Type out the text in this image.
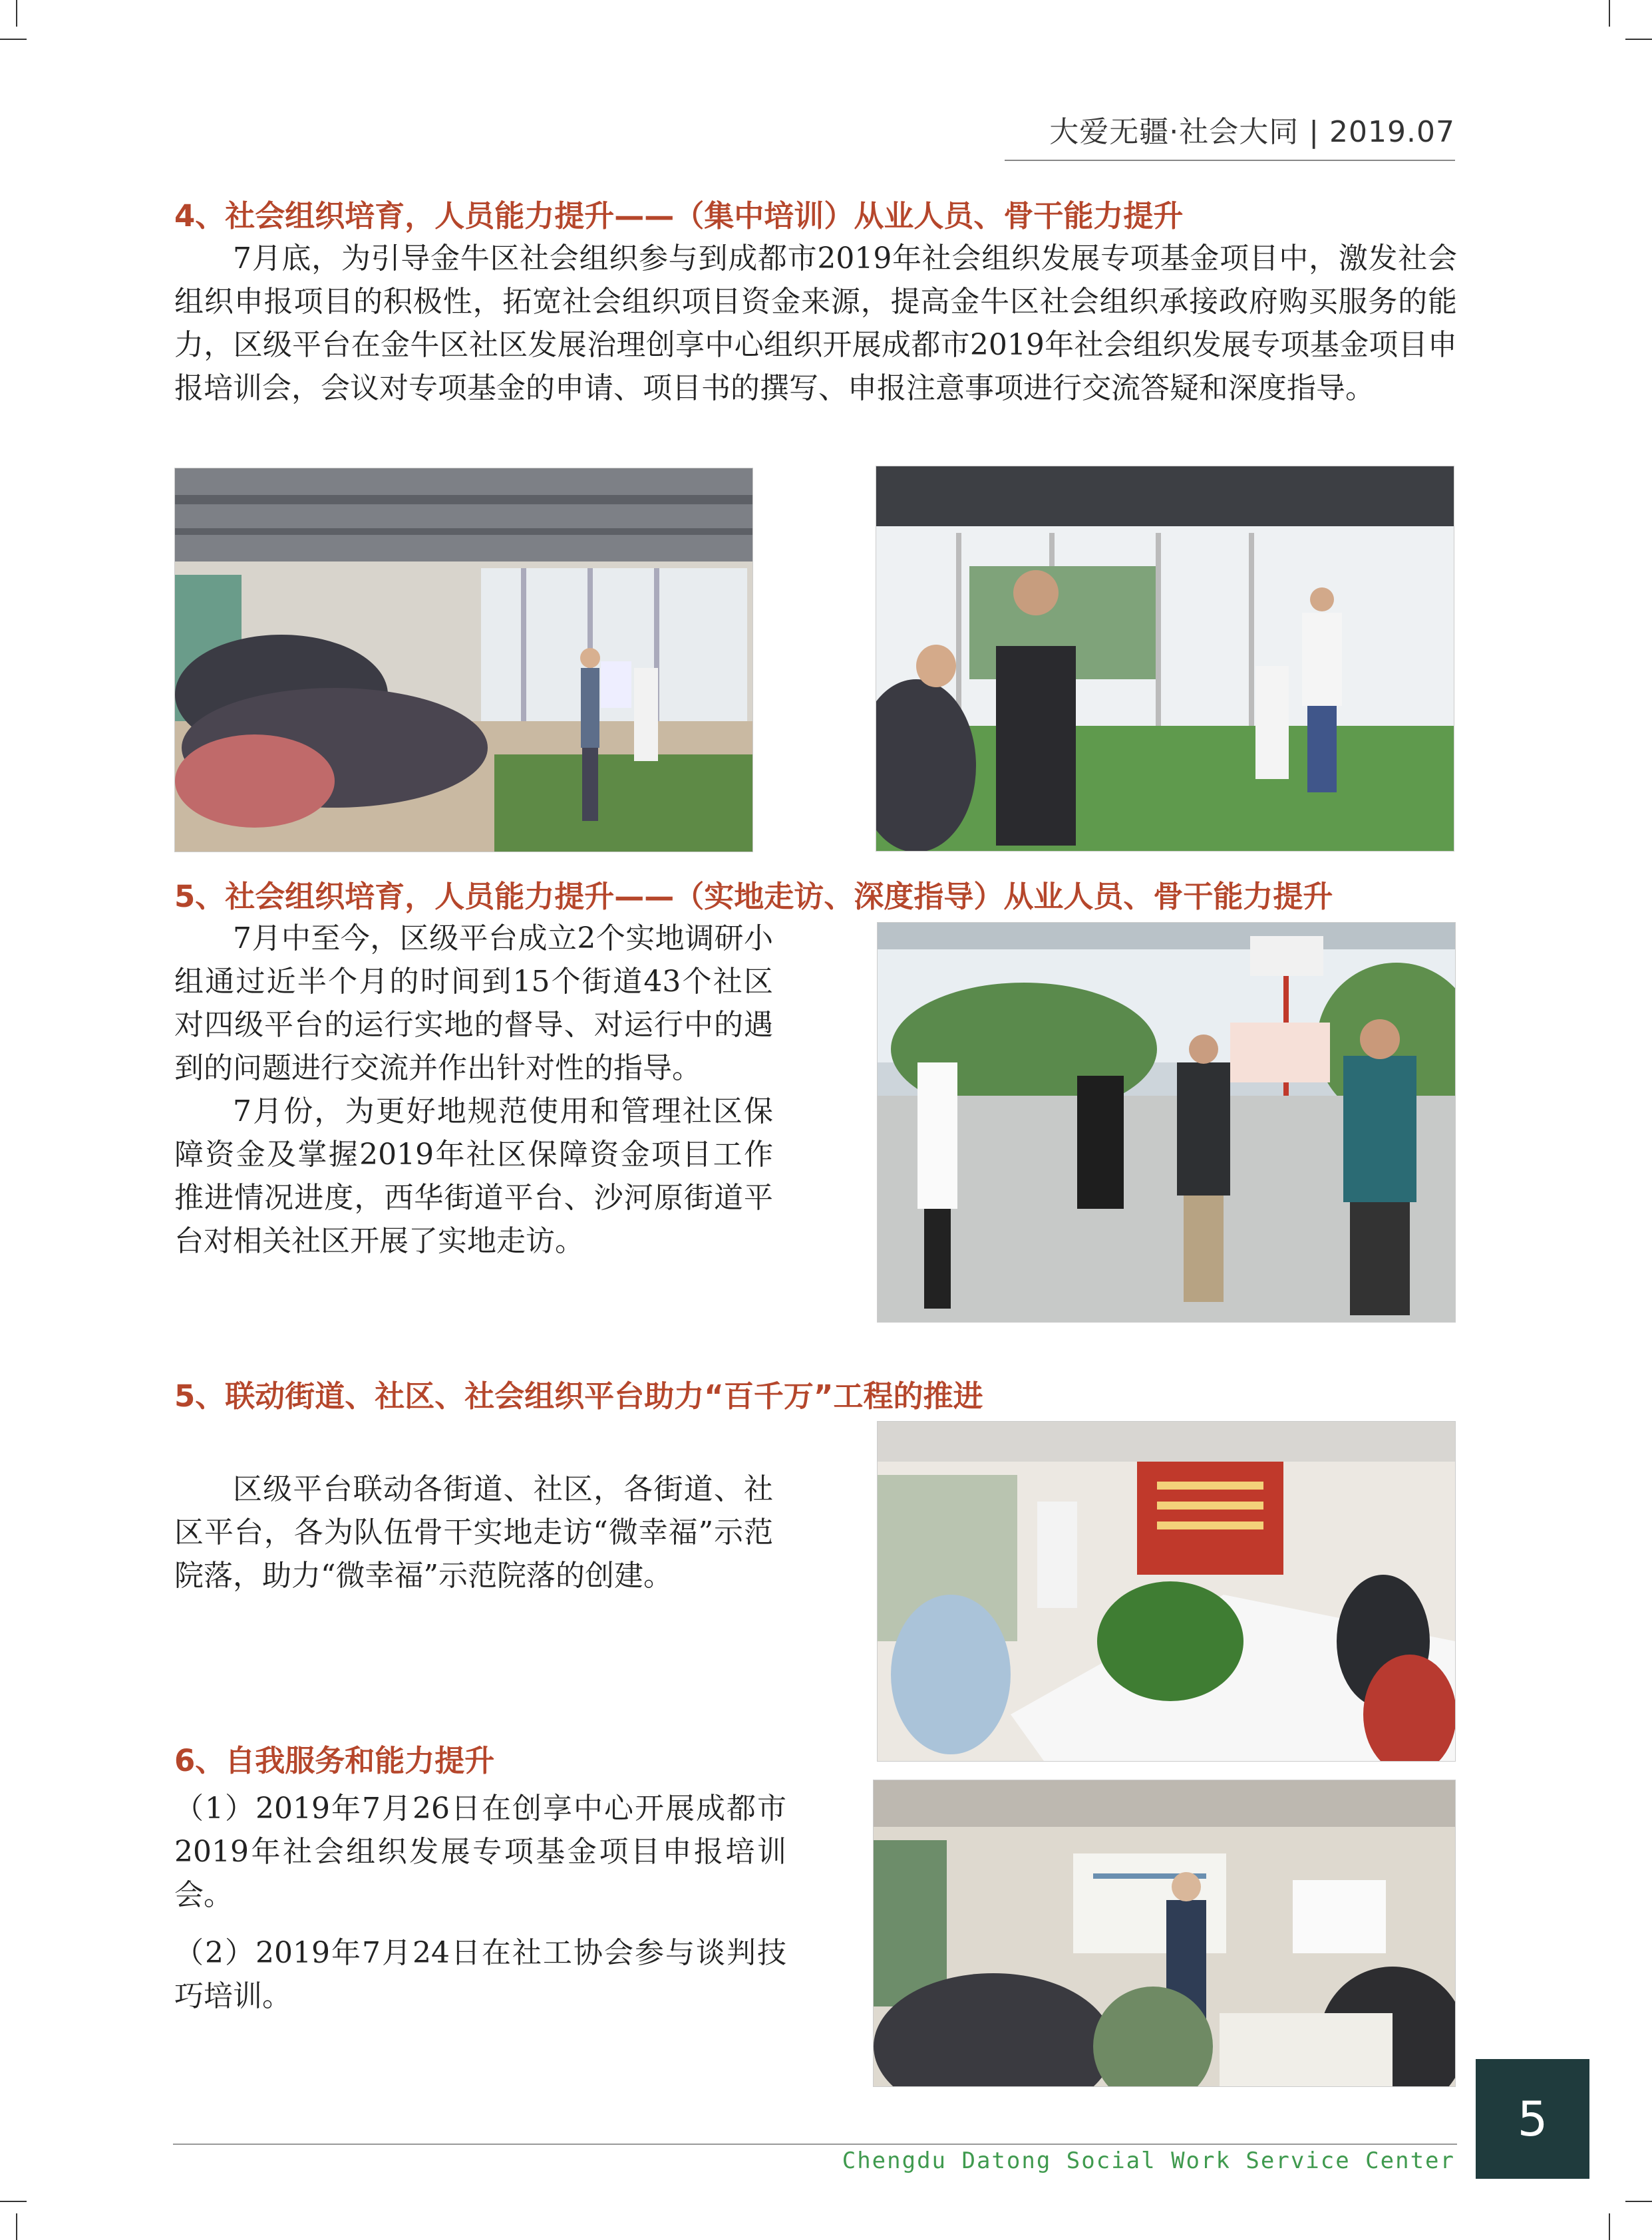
大爱无疆·社会大同 | 2019.07
4、社会组织培育，人员能力提升——（集中培训）从业人员、骨干能力提升

7月底，为引导金牛区社会组织参与到成都市2019年社会组织发展专项基金项目中，激发社会组织申报项目的积极性，拓宽社会组织项目资金来源，提高金牛区社会组织承接政府购买服务的能力，区级平台在金牛区社区发展治理创享中心组织开展成都市2019年社会组织发展专项基金项目申报培训会，会议对专项基金的申请、项目书的撰写、申报注意事项进行交流答疑和深度指导。

5、社会组织培育，人员能力提升——（实地走访、深度指导）从业人员、骨干能力提升

7月中至今，区级平台成立2个实地调研小组通过近半个月的时间到15个街道43个社区对四级平台的运行实地的督导、对运行中的遇到的问题进行交流并作出针对性的指导。

7月份，为更好地规范使用和管理社区保障资金及掌握2019年社区保障资金项目工作推进情况进度，西华街道平台、沙河原街道平台对相关社区开展了实地走访。

5、联动街道、社区、社会组织平台助力“百千万”工程的推进

区级平台联动各街道、社区，各街道、社区平台，各为队伍骨干实地走访“微幸福”示范院落，助力“微幸福”示范院落的创建。

6、自我服务和能力提升

（1）2019年7月26日在创享中心开展成都市2019年社会组织发展专项基金项目申报培训会。

（2）2019年7月24日在社工协会参与谈判技巧培训。

Chengdu Datong Social Work Service Center
5
